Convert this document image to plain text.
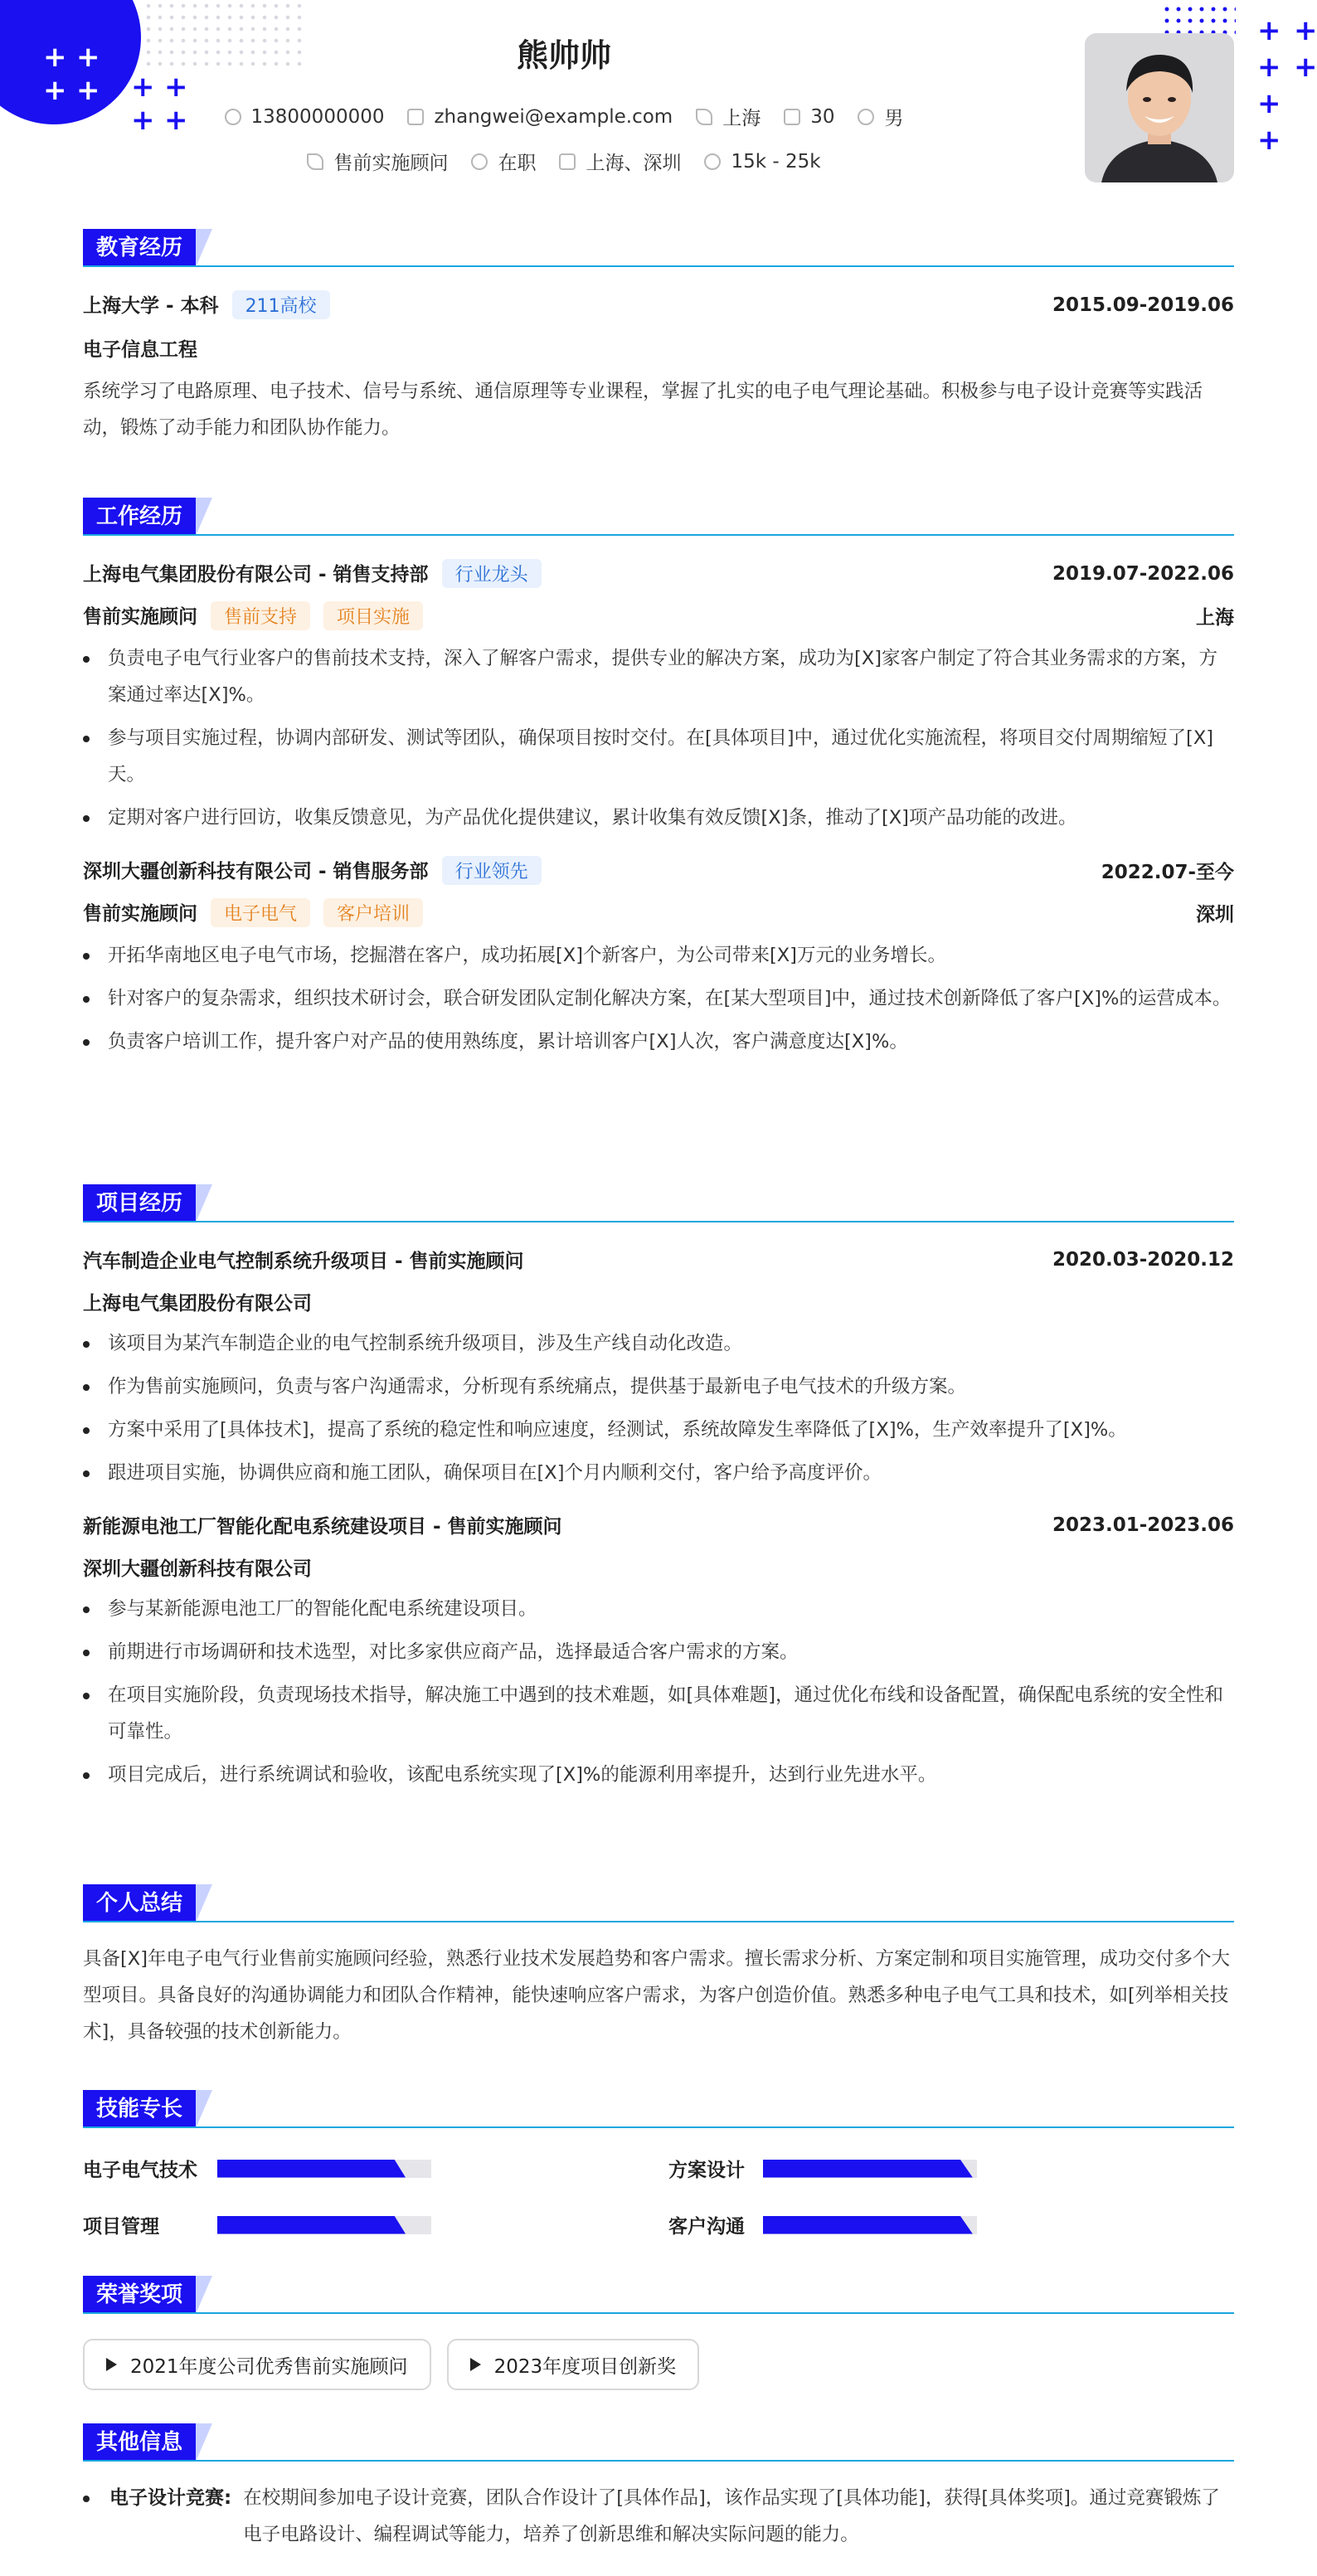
+ +
+ + + +
+ +
+ +
+ +
+
+
熊帅帅
13800000000	zhangwei@example.com	上海	30	男
售前实施顾问	在职	上海、深圳	15k - 25k
教育经历
上海大学 - 本科 211高校	2015.09-2019.06
电子信息工程
系统学习了电路原理、电子技术、信号与系统、通信原理等专业课程，掌握了扎实的电子电气理论基础。积极参与电子设计竞赛等实践活动，锻炼了动手能力和团队协作能力。
工作经历
上海电气集团股份有限公司 - 销售支持部 行业龙头	2019.07-2022.06
售前实施顾问 售前支持 项目实施	上海
负责电子电气行业客户的售前技术支持，深入了解客户需求，提供专业的解决方案，成功为[X]家客户制定了符合其业务需求的方案，方案通过率达[X]%。
参与项目实施过程，协调内部研发、测试等团队，确保项目按时交付。在[具体项目]中，通过优化实施流程，将项目交付周期缩短了[X]天。
定期对客户进行回访，收集反馈意见，为产品优化提供建议，累计收集有效反馈[X]条，推动了[X]项产品功能的改进。
深圳大疆创新科技有限公司 - 销售服务部 行业领先	2022.07-至今
售前实施顾问 电子电气 客户培训	深圳
开拓华南地区电子电气市场，挖掘潜在客户，成功拓展[X]个新客户，为公司带来[X]万元的业务增长。
针对客户的复杂需求，组织技术研讨会，联合研发团队定制化解决方案，在[某大型项目]中，通过技术创新降低了客户[X]%的运营成本。
负责客户培训工作，提升客户对产品的使用熟练度，累计培训客户[X]人次，客户满意度达[X]%。
项目经历
汽车制造企业电气控制系统升级项目 - 售前实施顾问	2020.03-2020.12
上海电气集团股份有限公司
该项目为某汽车制造企业的电气控制系统升级项目，涉及生产线自动化改造。
作为售前实施顾问，负责与客户沟通需求，分析现有系统痛点，提供基于最新电子电气技术的升级方案。
方案中采用了[具体技术]，提高了系统的稳定性和响应速度，经测试，系统故障发生率降低了[X]%，生产效率提升了[X]%。
跟进项目实施，协调供应商和施工团队，确保项目在[X]个月内顺利交付，客户给予高度评价。
新能源电池工厂智能化配电系统建设项目 - 售前实施顾问	2023.01-2023.06
深圳大疆创新科技有限公司
参与某新能源电池工厂的智能化配电系统建设项目。
前期进行市场调研和技术选型，对比多家供应商产品，选择最适合客户需求的方案。
在项目实施阶段，负责现场技术指导，解决施工中遇到的技术难题，如[具体难题]，通过优化布线和设备配置，确保配电系统的安全性和可靠性。
项目完成后，进行系统调试和验收，该配电系统实现了[X]%的能源利用率提升，达到行业先进水平。
个人总结
具备[X]年电子电气行业售前实施顾问经验，熟悉行业技术发展趋势和客户需求。擅长需求分析、方案定制和项目实施管理，成功交付多个大型项目。具备良好的沟通协调能力和团队合作精神，能快速响应客户需求，为客户创造价值。熟悉多种电子电气工具和技术，如[列举相关技术]，具备较强的技术创新能力。
技能专长
电子电气技术	方案设计
项目管理	客户沟通
荣誉奖项
2021年度公司优秀售前实施顾问
	2023年度项目创新奖
其他信息
电子设计竞赛: 在校期间参加电子设计竞赛，团队合作设计了[具体作品]，该作品实现了[具体功能]，获得[具体奖项]。通过竞赛锻炼了电子电路设计、编程调试等能力，培养了创新思维和解决实际问题的能力。
